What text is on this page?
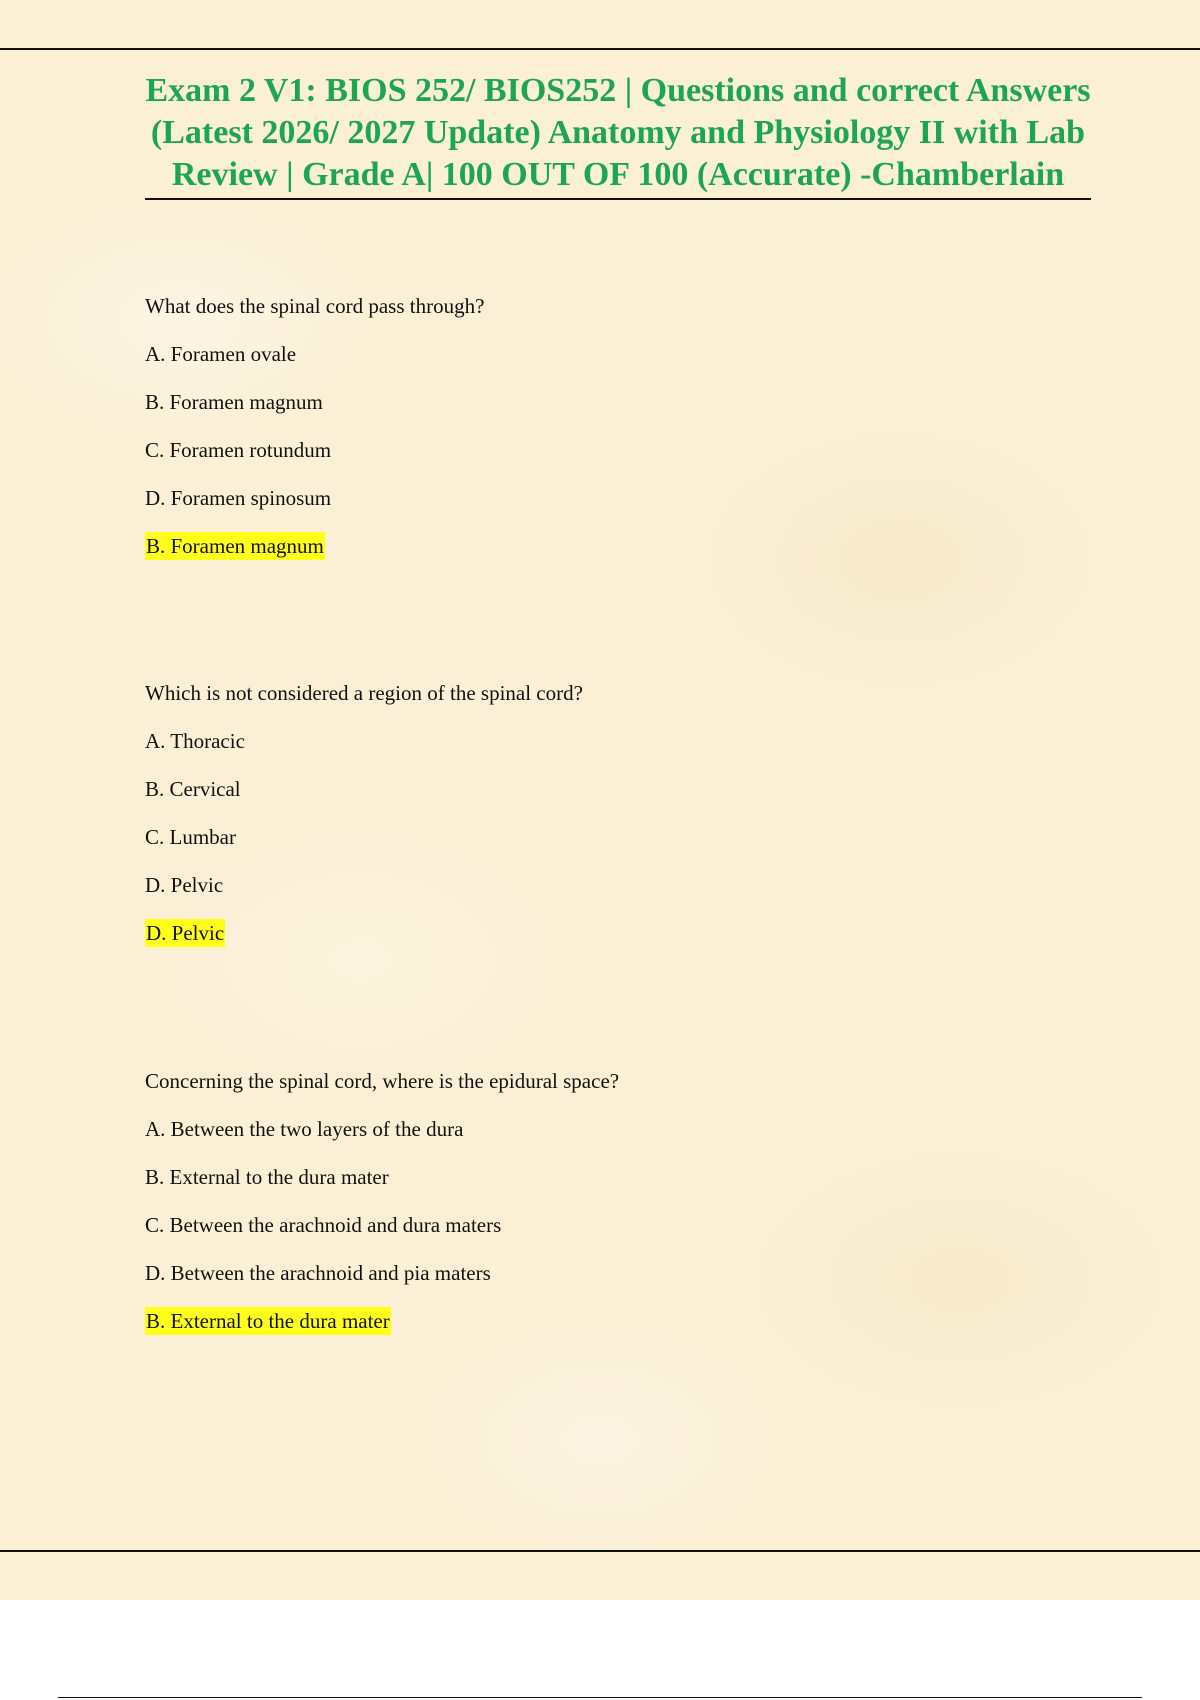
Exam 2 V1: BIOS 252/ BIOS252 | Questions and correct Answers (Latest 2026/ 2027 Update) Anatomy and Physiology II with Lab Review | Grade A| 100 OUT OF 100 (Accurate) -Chamberlain

What does the spinal cord pass through?

A. Foramen ovale

B. Foramen magnum

C. Foramen rotundum

D. Foramen spinosum

B. Foramen magnum

Which is not considered a region of the spinal cord?

A. Thoracic

B. Cervical

C. Lumbar

D. Pelvic

D. Pelvic

Concerning the spinal cord, where is the epidural space?

A. Between the two layers of the dura

B. External to the dura mater

C. Between the arachnoid and dura maters

D. Between the arachnoid and pia maters

B. External to the dura mater
